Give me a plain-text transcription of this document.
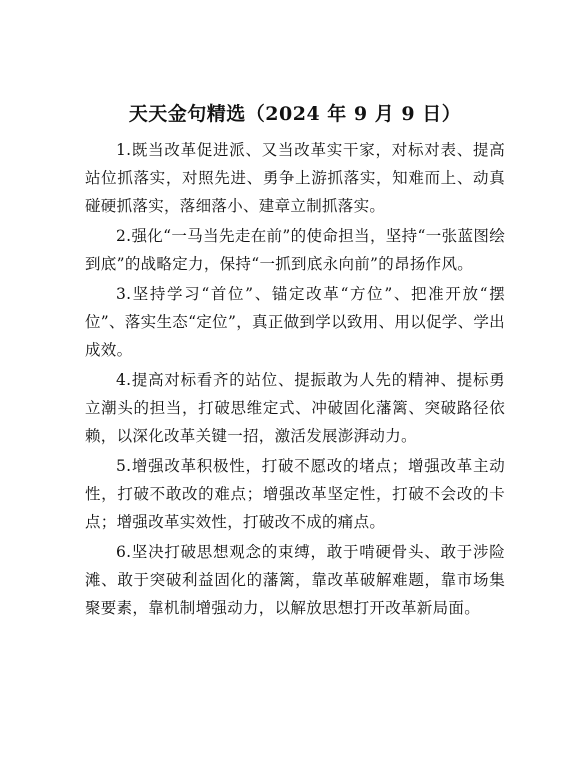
天天金句精选（2024 年 9 月 9 日）

1.既当改革促进派、又当改革实干家，对标对表、提高站位抓落实，对照先进、勇争上游抓落实，知难而上、动真碰硬抓落实，落细落小、建章立制抓落实。

2.强化“一马当先走在前”的使命担当，坚持“一张蓝图绘到底”的战略定力，保持“一抓到底永向前”的昂扬作风。

3.坚持学习“首位”、锚定改革“方位”、把准开放“摆位”、落实生态“定位”，真正做到学以致用、用以促学、学出成效。

4.提高对标看齐的站位、提振敢为人先的精神、提标勇立潮头的担当，打破思维定式、冲破固化藩篱、突破路径依赖，以深化改革关键一招，激活发展澎湃动力。

5.增强改革积极性，打破不愿改的堵点；增强改革主动性，打破不敢改的难点；增强改革坚定性，打破不会改的卡点；增强改革实效性，打破改不成的痛点。

6.坚决打破思想观念的束缚，敢于啃硬骨头、敢于涉险滩、敢于突破利益固化的藩篱，靠改革破解难题，靠市场集聚要素，靠机制增强动力，以解放思想打开改革新局面。
